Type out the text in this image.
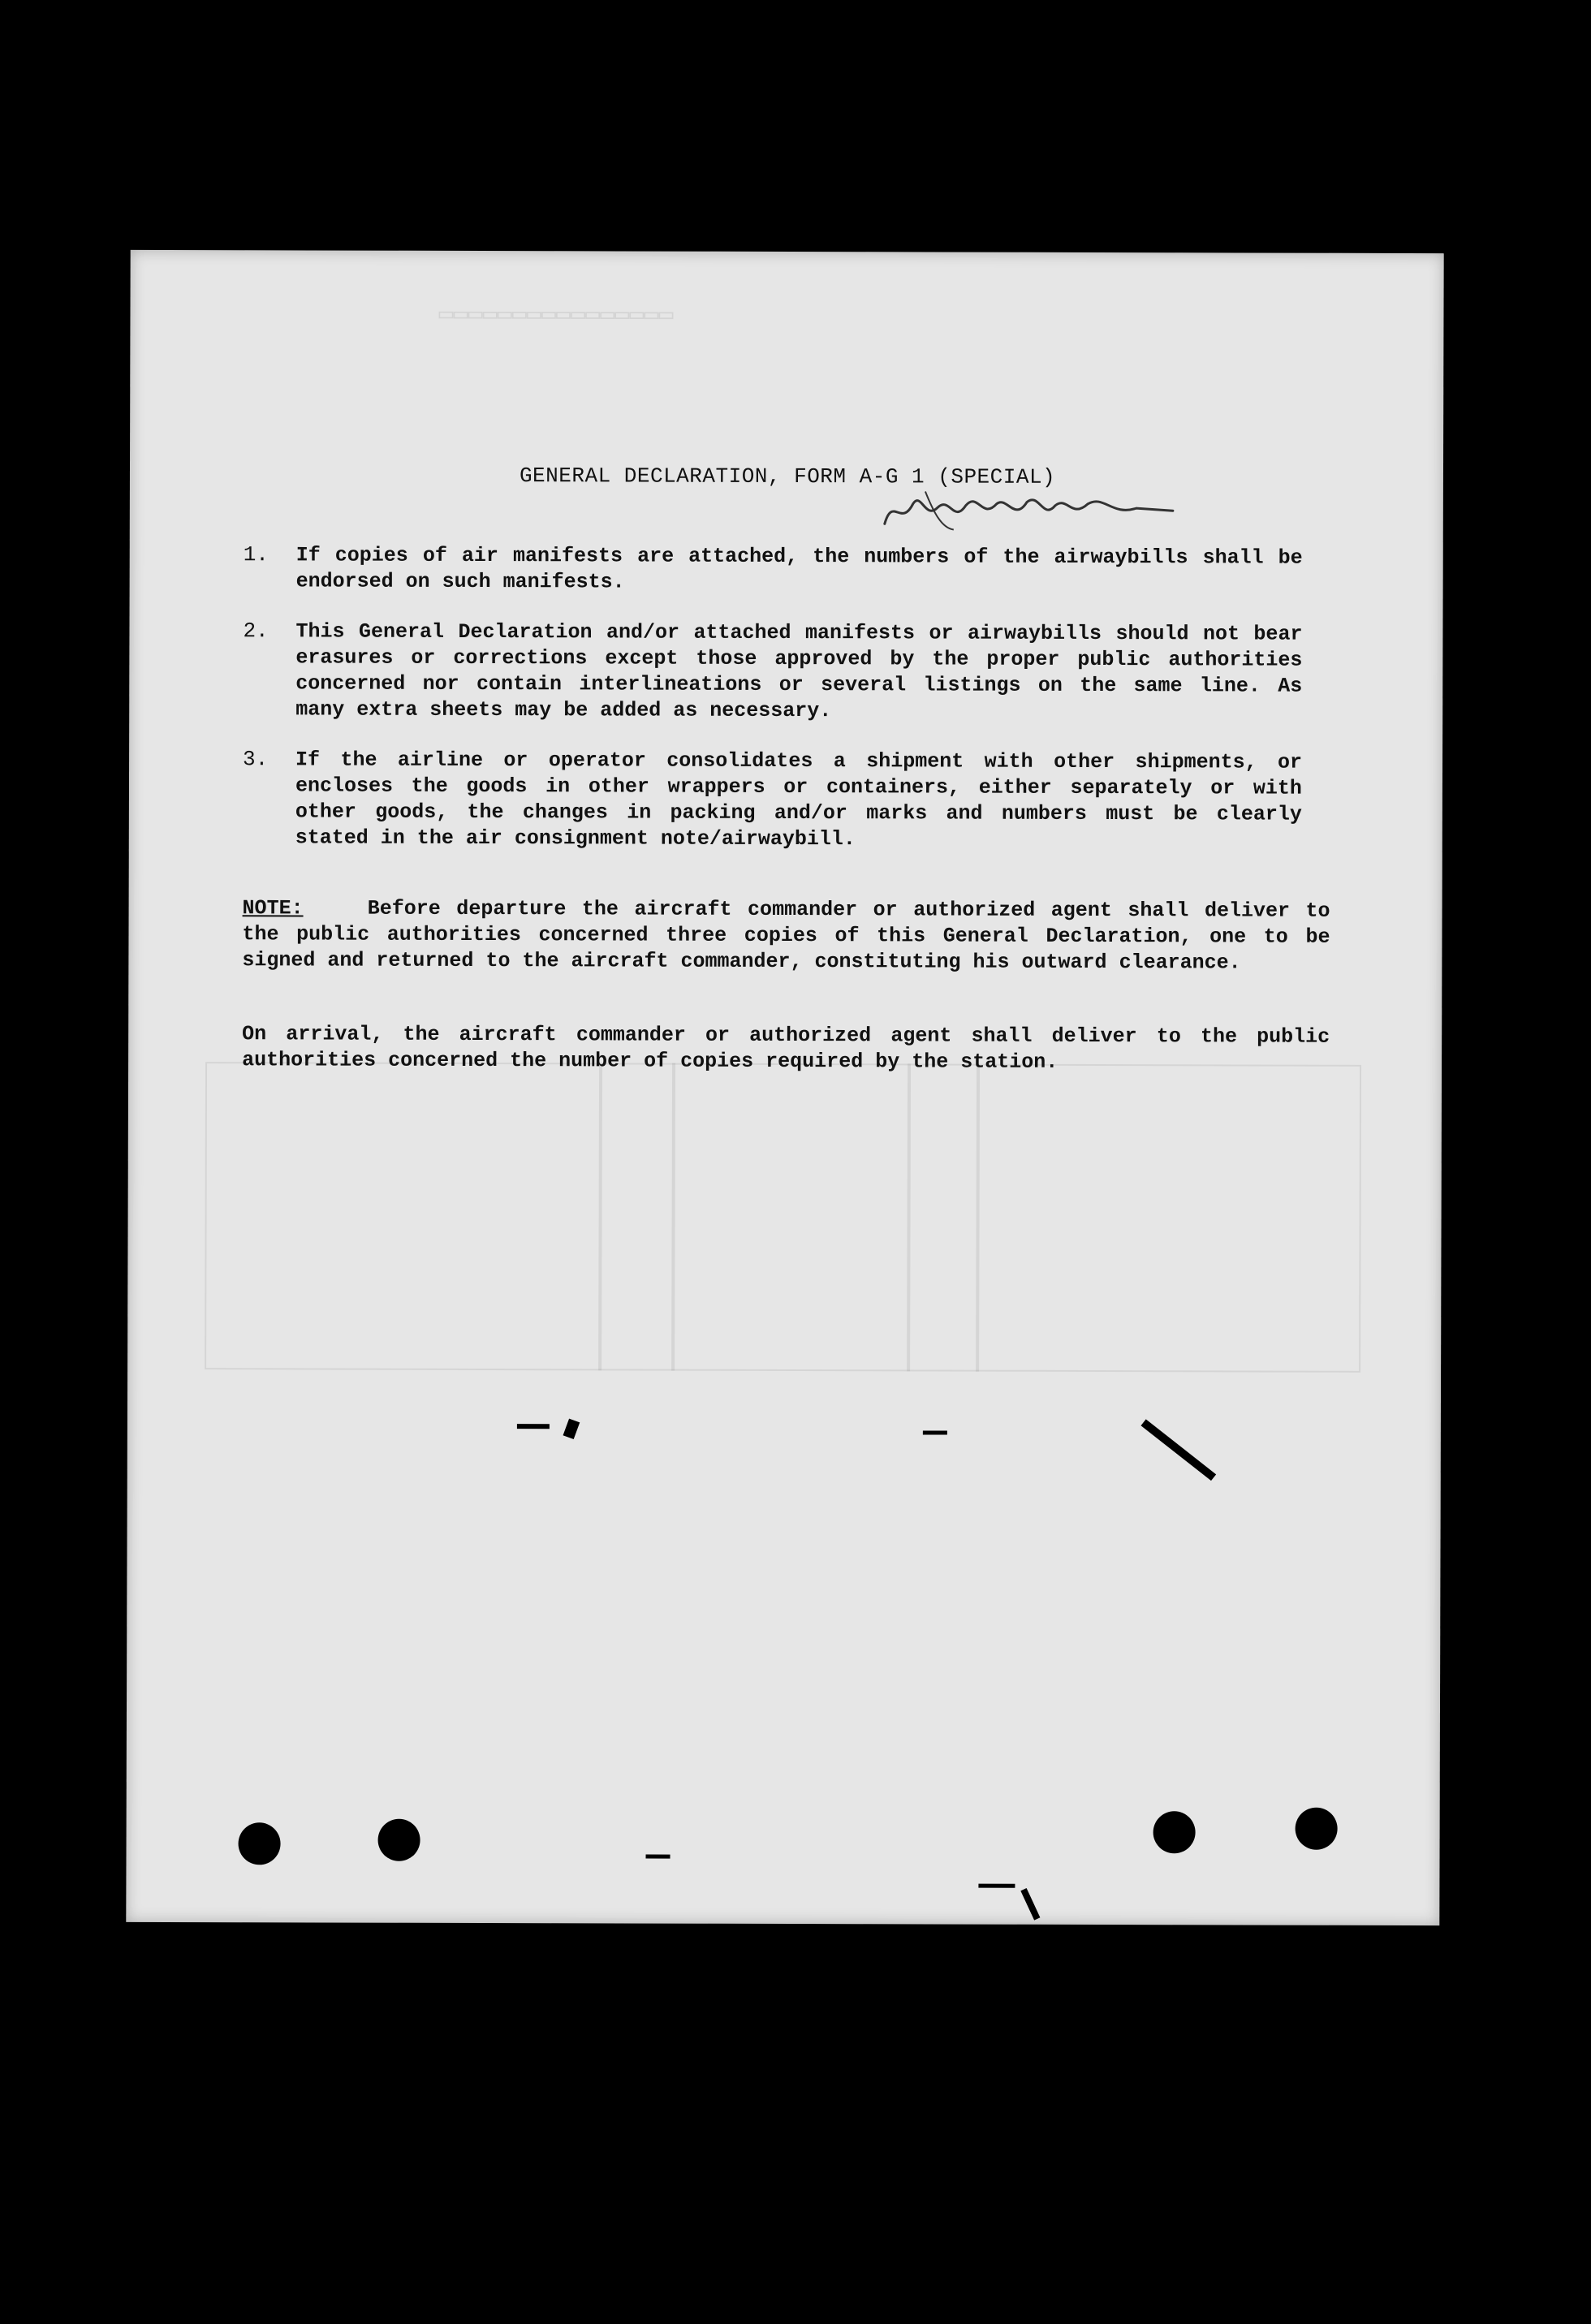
▭▭▭▭▭▭▭▭▭▭▭▭▭▭▭▭
GENERAL DECLARATION, FORM A-G 1 (SPECIAL)
1.	If copies of air manifests are attached, the numbers of the airwaybills shall be endorsed on such manifests.
2.	This General Declaration and/or attached manifests or airwaybills should not bear erasures or corrections except those approved by the proper public authorities concerned nor contain interlineations or several listings on the same line. As many extra sheets may be added as necessary.
3.	If the airline or operator consolidates a shipment with other shipments, or encloses the goods in other wrappers or containers, either separately or with other goods, the changes in packing and/or marks and numbers must be clearly stated in the air consignment note/airwaybill.
NOTE:	Before departure the aircraft commander or authorized agent shall deliver to the public authorities concerned three copies of this General Declaration, one to be signed and returned to the aircraft commander, constituting his outward clearance.
On arrival, the aircraft commander or authorized agent shall deliver to the public authorities concerned the number of copies required by the station.
